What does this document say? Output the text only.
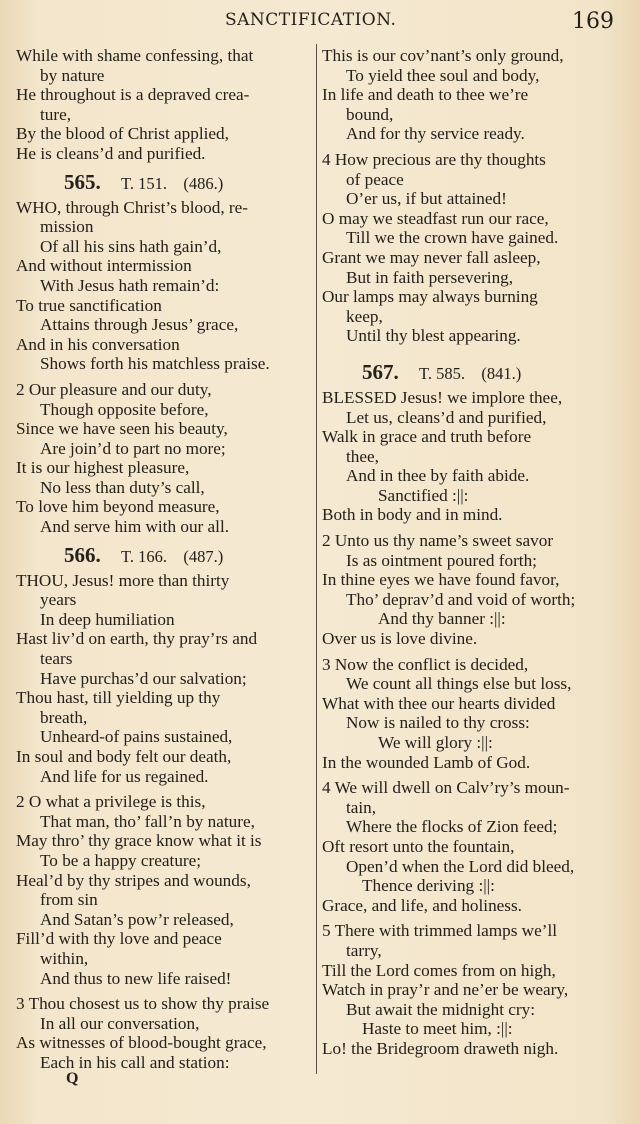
SANCTIFICATION.	169
While with shame confessing, that
by nature
He throughout is a depraved crea-
ture,
By the blood of Christ applied,
He is cleans’d and purified.
565. T. 151. (486.)
WHO, through Christ’s blood, re-
mission
Of all his sins hath gain’d,
And without intermission
With Jesus hath remain’d:
To true sanctification
Attains through Jesus’ grace,
And in his conversation
Shows forth his matchless praise.
2 Our pleasure and our duty,
Though opposite before,
Since we have seen his beauty,
Are join’d to part no more;
It is our highest pleasure,
No less than duty’s call,
To love him beyond measure,
And serve him with our all.
566. T. 166. (487.)
THOU, Jesus! more than thirty
years
In deep humiliation
Hast liv’d on earth, thy pray’rs and
tears
Have purchas’d our salvation;
Thou hast, till yielding up thy
breath,
Unheard-of pains sustained,
In soul and body felt our death,
And life for us regained.
2 O what a privilege is this,
That man, tho’ fall’n by nature,
May thro’ thy grace know what it is
To be a happy creature;
Heal’d by thy stripes and wounds,
from sin
And Satan’s pow’r released,
Fill’d with thy love and peace
within,
And thus to new life raised!
3 Thou chosest us to show thy praise
In all our conversation,
As witnesses of blood-bought grace,
Each in his call and station:
This is our cov’nant’s only ground,
To yield thee soul and body,
In life and death to thee we’re
bound,
And for thy service ready.
4 How precious are thy thoughts
of peace
O’er us, if but attained!
O may we steadfast run our race,
Till we the crown have gained.
Grant we may never fall asleep,
But in faith persevering,
Our lamps may always burning
keep,
Until thy blest appearing.
567. T. 585. (841.)
BLESSED Jesus! we implore thee,
Let us, cleans’d and purified,
Walk in grace and truth before
thee,
And in thee by faith abide.
Sanctified :||:
Both in body and in mind.
2 Unto us thy name’s sweet savor
Is as ointment poured forth;
In thine eyes we have found favor,
Tho’ deprav’d and void of worth;
And thy banner :||:
Over us is love divine.
3 Now the conflict is decided,
We count all things else but loss,
What with thee our hearts divided
Now is nailed to thy cross:
We will glory :||:
In the wounded Lamb of God.
4 We will dwell on Calv’ry’s moun-
tain,
Where the flocks of Zion feed;
Oft resort unto the fountain,
Open’d when the Lord did bleed,
Thence deriving :||:
Grace, and life, and holiness.
5 There with trimmed lamps we’ll
tarry,
Till the Lord comes from on high,
Watch in pray’r and ne’er be weary,
But await the midnight cry:
Haste to meet him, :||:
Lo! the Bridegroom draweth nigh.
Q
